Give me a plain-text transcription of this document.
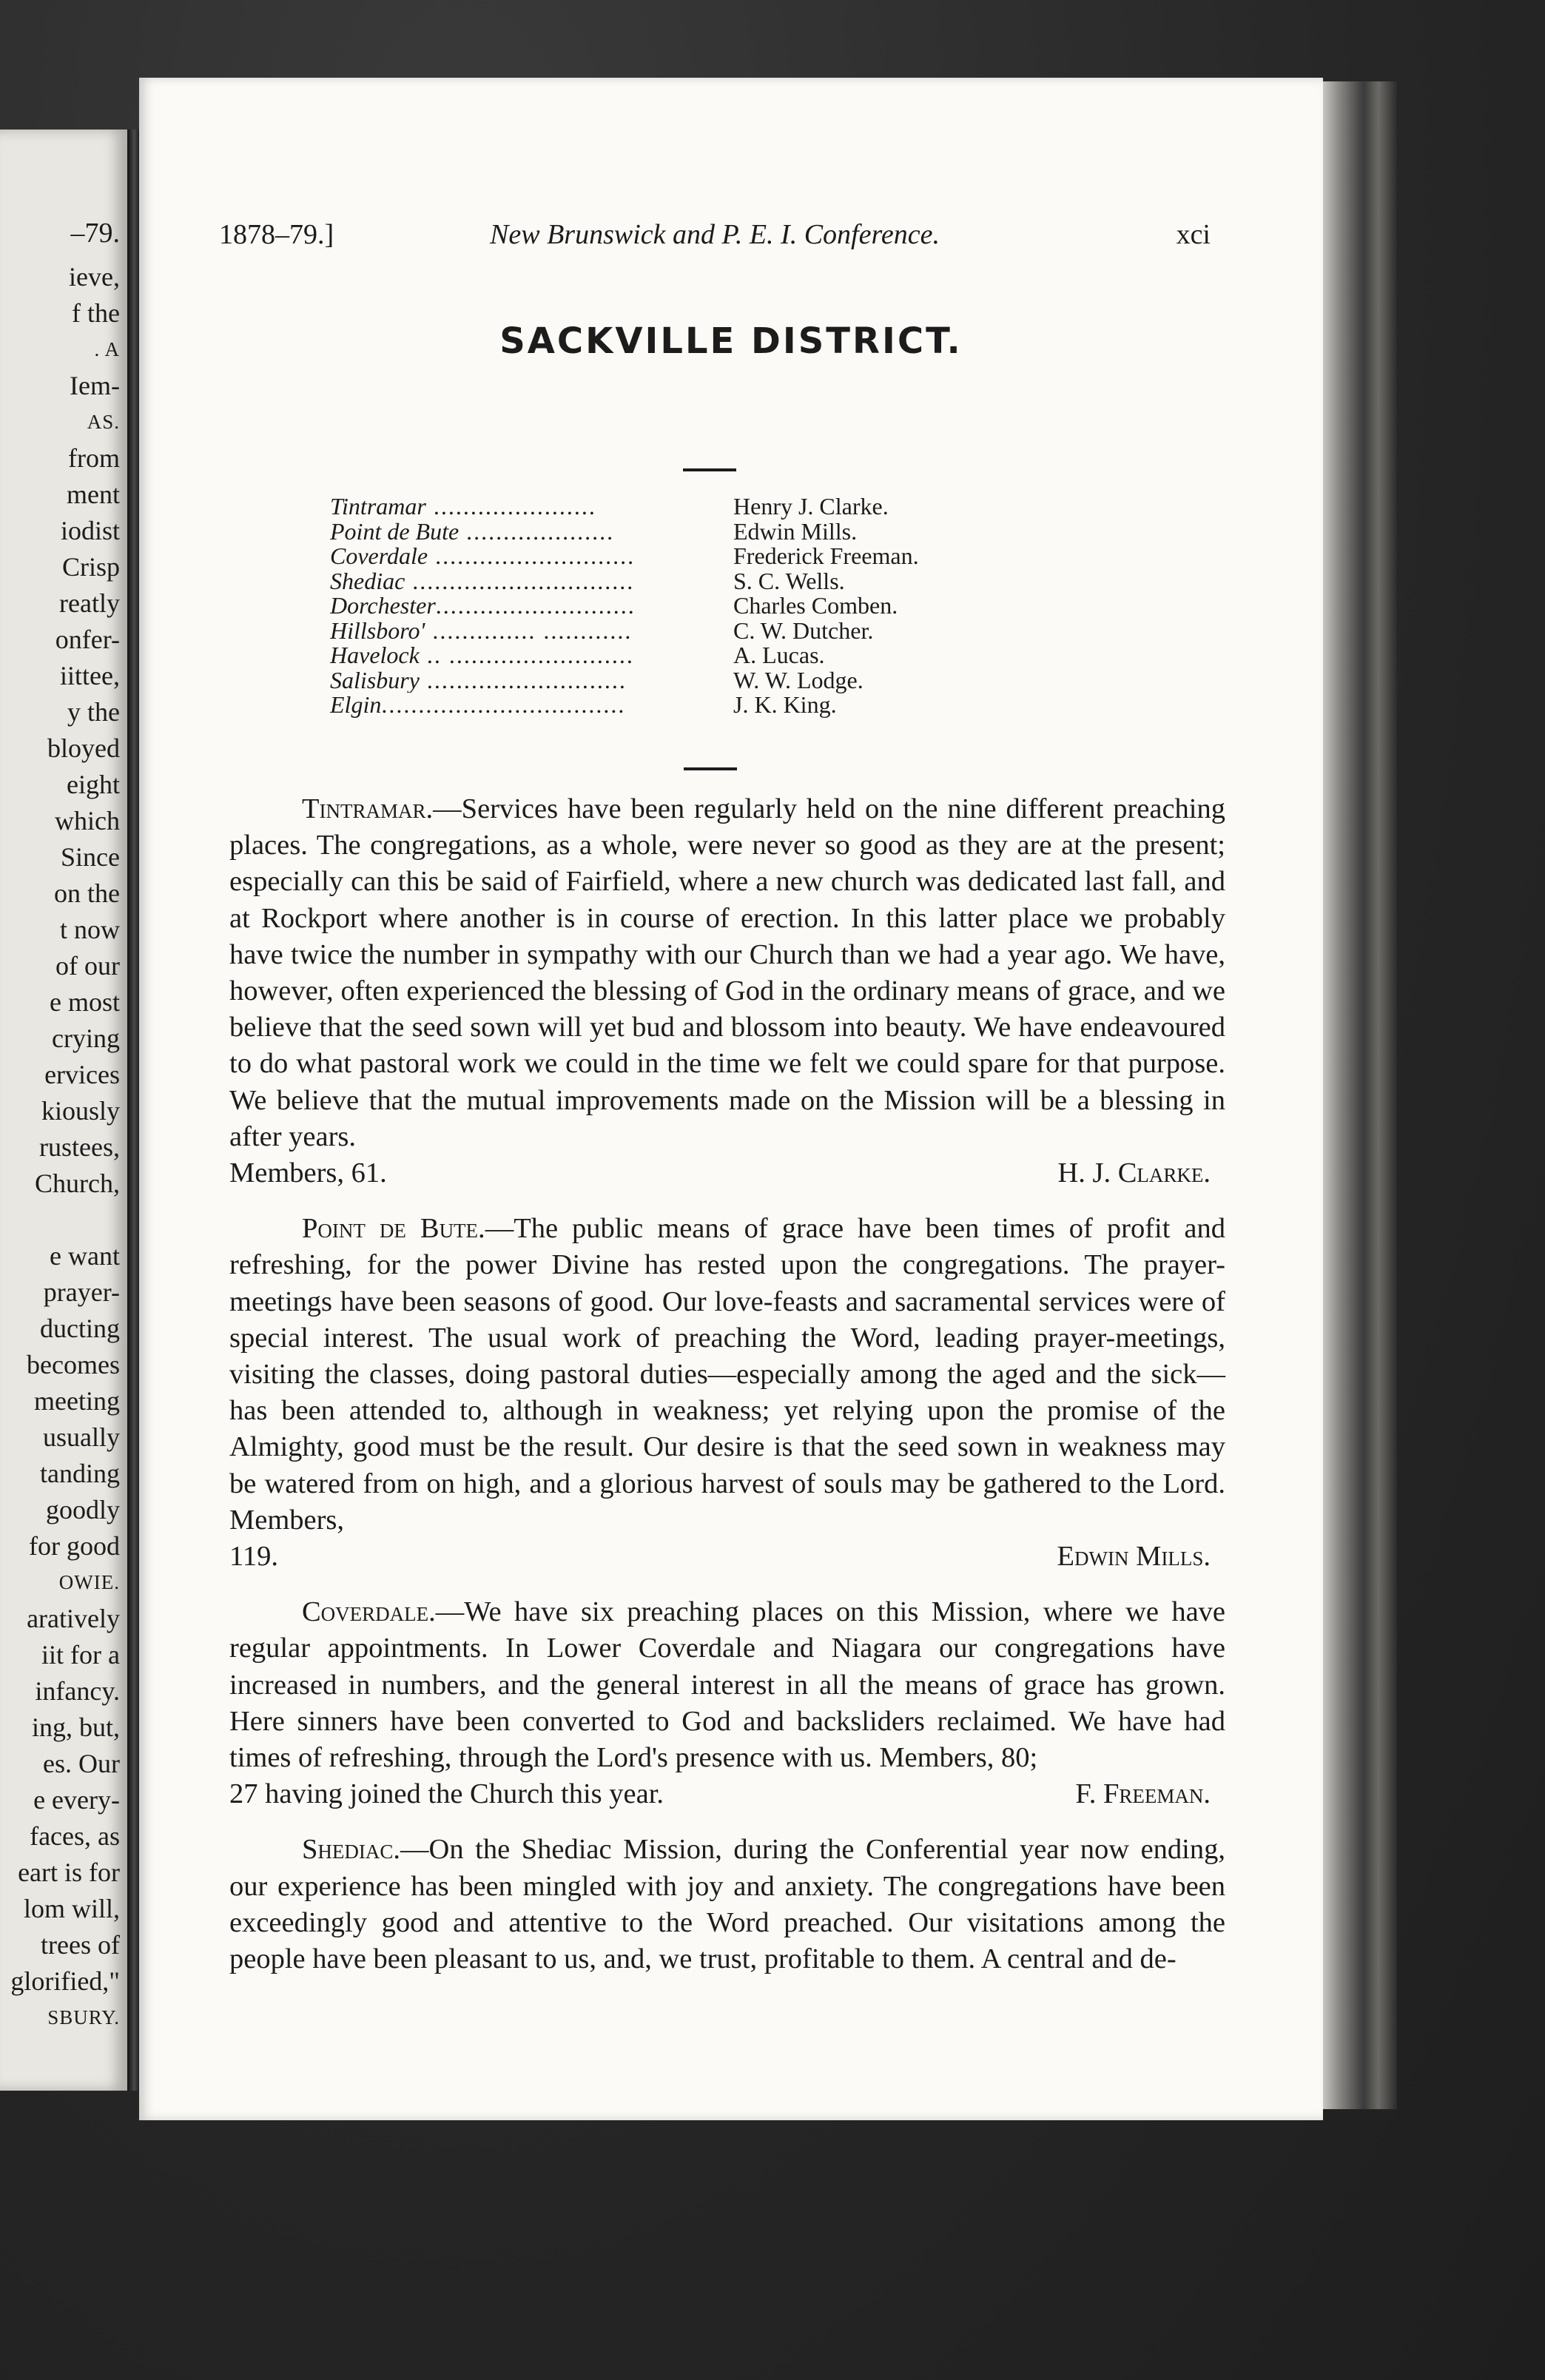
ieve,
f the
. A
Iem-
AS.
from
ment
iodist
Crisp
reatly
onfer-
iittee,
y the
bloyed
eight
which
Since
on the
t now
of our
e most
crying
ervices
kiously
rustees,
Church,
e want
prayer-
ducting
becomes
meeting
usually
tanding
goodly
for good
OWIE.
aratively
iit for a
infancy.
ing, but,
es. Our
e every-
faces, as
eart is for
lom will,
trees of
glorified,"
SBURY.
–79.	1878–79.]	New Brunswick and P. E. I. Conference.	xci
SACKVILLE DISTRICT.
Tintramar ......................	Henry J. Clarke.
Point de Bute ....................	Edwin Mills.
Coverdale ...........................	Frederick Freeman.
Shediac ..............................	S. C. Wells.
Dorchester...........................	Charles Comben.
Hillsboro' .............. ............	C. W. Dutcher.
Havelock .. .........................	A. Lucas.
Salisbury ...........................	W. W. Lodge.
Elgin.................................	J. K. King.

Tintramar.—Services have been regularly held on the nine different preaching places. The congregations, as a whole, were never so good as they are at the present; especially can this be said of Fairfield, where a new church was dedicated last fall, and at Rockport where another is in course of erection. In this latter place we probably have twice the number in sympathy with our Church than we had a year ago. We have, however, often experienced the blessing of God in the ordinary means of grace, and we believe that the seed sown will yet bud and blossom into beauty. We have endeavoured to do what pastoral work we could in the time we felt we could spare for that purpose. We believe that the mutual improvements made on the Mission will be a blessing in after years.

Members, 61.	H. J. Clarke.

Point de Bute.—The public means of grace have been times of profit and refreshing, for the power Divine has rested upon the congregations. The prayer-meetings have been seasons of good. Our love-feasts and sacramental services were of special interest. The usual work of preaching the Word, leading prayer-meetings, visiting the classes, doing pastoral duties—especially among the aged and the sick—has been attended to, although in weakness; yet relying upon the promise of the Almighty, good must be the result. Our desire is that the seed sown in weakness may be watered from on high, and a glorious harvest of souls may be gathered to the Lord. Members,

119.	Edwin Mills.

Coverdale.—We have six preaching places on this Mission, where we have regular appointments. In Lower Coverdale and Niagara our congregations have increased in numbers, and the general interest in all the means of grace has grown. Here sinners have been converted to God and backsliders reclaimed. We have had times of refreshing, through the Lord's presence with us. Members, 80;

27 having joined the Church this year.	F. Freeman.

Shediac.—On the Shediac Mission, during the Conferential year now ending, our experience has been mingled with joy and anxiety. The congregations have been exceedingly good and attentive to the Word preached. Our visitations among the people have been pleasant to us, and, we trust, profitable to them. A central and de-
